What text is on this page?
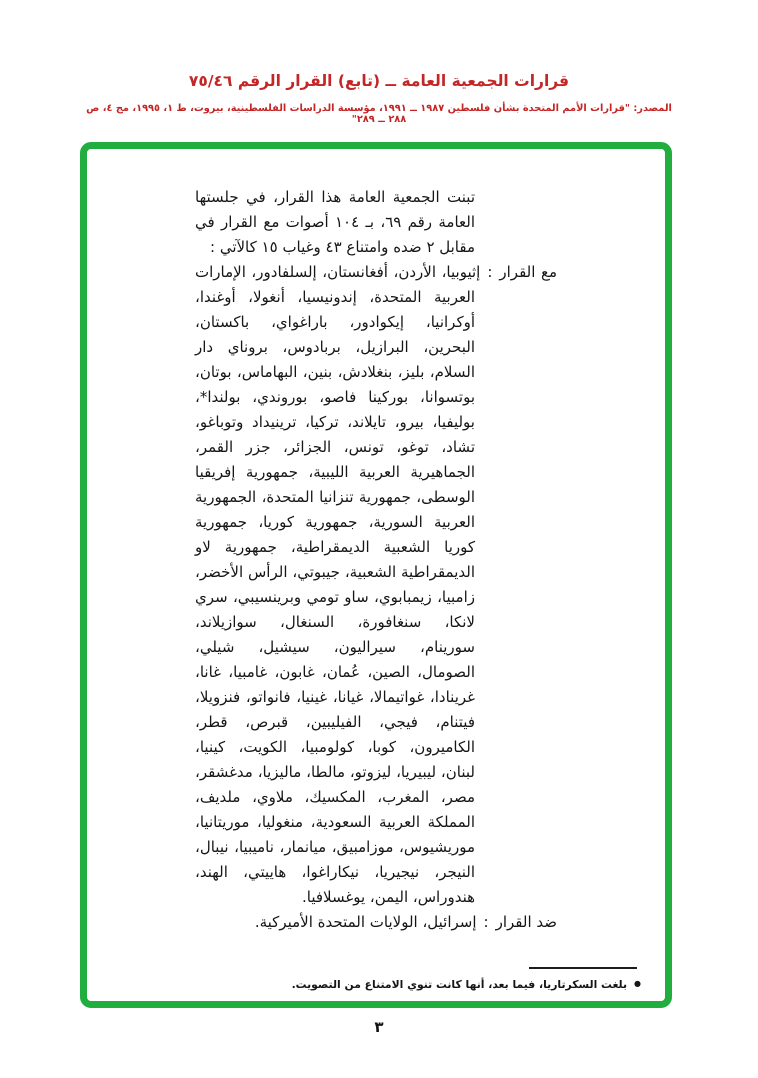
قرارات الجمعية العامة ــ (تابع) القرار الرقم ٧٥/٤٦
المصدر: "قرارات الأمم المتحدة بشأن فلسطين ١٩٨٧ ــ ١٩٩١، مؤسسة الدراسات الفلسطينية، بيروت، ط ١، ١٩٩٥، مج ٤، ص ٢٨٨ ــ ٢٨٩"

تبنت الجمعية العامة هذا القرار، في جلستها العامة رقم ٦٩، بـ ١٠٤ أصوات مع القرار في مقابل ٢ ضده وامتناع ٤٣ وغياب ١٥ كالآتي :

مع القرار:إثيوبيا، الأردن، أفغانستان، إلسلفادور، الإمارات العربية المتحدة، إندونيسيا، أنغولا، أوغندا، أوكرانيا، إيكوادور، باراغواي، باكستان، البحرين، البرازيل، بربادوس، بروناي دار السلام، بليز، بنغلادش، بنين، البهاماس، بوتان، بوتسوانا، بوركينا فاصو، بوروندي، بولندا*، بوليفيا، بيرو، تايلاند، تركيا، ترينيداد وتوباغو، تشاد، توغو، تونس، الجزائر، جزر القمر، الجماهيرية العربية الليبية، جمهورية إفريقيا الوسطى، جمهورية تنزانيا المتحدة، الجمهورية العربية السورية، جمهورية كوريا، جمهورية كوريا الشعبية الديمقراطية، جمهورية لاو الديمقراطية الشعبية، جيبوتي، الرأس الأخضر، زامبيا، زيمبابوي، ساو تومي وبرينسيبي، سري لانكا، سنغافورة، السنغال، سوازيلاند، سورينام، سيراليون، سيشيل، شيلي، الصومال، الصين، عُمان، غابون، غامبيا، غانا، غرينادا، غواتيمالا، غيانا، غينيا، فانواتو، فنزويلا، فيتنام، فيجي، الفيليبين، قبرص، قطر، الكاميرون، كوبا، كولومبيا، الكويت، كينيا، لبنان، ليبيريا، ليزوتو، مالطا، ماليزيا، مدغشقر، مصر، المغرب، المكسيك، ملاوي، ملديف، المملكة العربية السعودية، منغوليا، موريتانيا، موريشيوس، موزامبيق، ميانمار، ناميبيا، نيبال، النيجر، نيجيريا، نيكاراغوا، هاييتي، الهند، هندوراس، اليمن، يوغسلافيا.
ضد القرار:إسرائيل، الولايات المتحدة الأميركية.
●بلغت السكرتاريا، فيما بعد، أنها كانت تنوي الامتناع من التصويت.
٣
